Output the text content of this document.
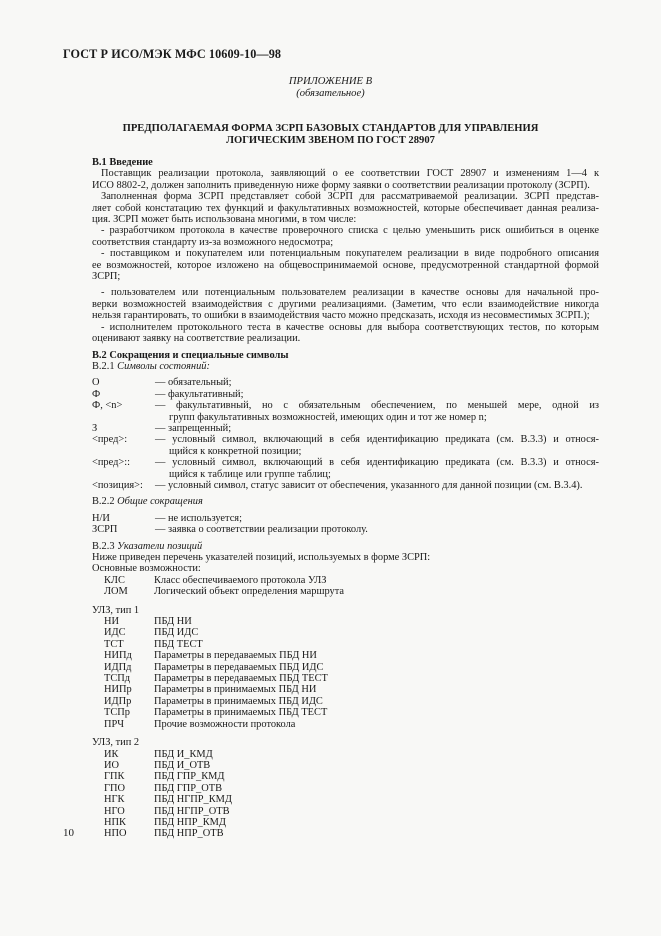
ГОСТ Р ИСО/МЭК МФС 10609-10—98
ПРИЛОЖЕНИЕ В
(обязательное)
ПРЕДПОЛАГАЕМАЯ ФОРМА ЗСРП БАЗОВЫХ СТАНДАРТОВ ДЛЯ УПРАВЛЕНИЯ
ЛОГИЧЕСКИМ ЗВЕНОМ ПО ГОСТ 28907
В.1 Введение
Поставщик реализации протокола, заявляющий о ее соответствии ГОСТ 28907 и изменениям 1—4 к
ИСО 8802-2, должен заполнить приведенную ниже форму заявки о соответствии реализации протоколу (ЗСРП).
Заполненная форма ЗСРП представляет собой ЗСРП для рассматриваемой реализации. ЗСРП представ-
ляет собой констатацию тех функций и факультативных возможностей, которые обеспечивает данная реализа-
ция. ЗСРП может быть использована многими, в том числе:
- разработчиком протокола в качестве проверочного списка с целью уменьшить риск ошибиться в оценке
соответствия стандарту из-за возможного недосмотра;
- поставщиком и покупателем или потенциальным покупателем реализации в виде подробного описания
ее возможностей, которое изложено на общевоспринимаемой основе, предусмотренной стандартной формой
ЗСРП;
- пользователем или потенциальным пользователем реализации в качестве основы для начальной про-
верки возможностей взаимодействия с другими реализациями. (Заметим, что если взаимодействие никогда
нельзя гарантировать, то ошибки в взаимодействия часто можно предсказать, исходя из несовместимых ЗСРП.);
- исполнителем протокольного теста в качестве основы для выбора соответствующих тестов, по которым
оценивают заявку на соответствие реализации.
В.2 Сокращения и специальные символы
В.2.1 Символы состояний:
О	— обязательный;
Ф	— факультативный;
Ф, <n>	— факультативный, но с обязательным обеспечением, по меньшей мере, одной из
групп факультативных возможностей, имеющих один и тот же номер n;
З	— запрещенный;
<пред>:	— условный символ, включающий в себя идентификацию предиката (см. В.3.3) и относя-
щийся к конкретной позиции;
<пред>::	— условный символ, включающий в себя идентификацию предиката (см. В.3.3) и относя-
щийся к таблице или группе таблиц;
<позиция>:	— условный символ, статус зависит от обеспечения, указанного для данной позиции (см. В.3.4).
В.2.2 Общие сокращения
Н/И	— не используется;
ЗСРП	— заявка о соответствии реализации протоколу.
В.2.3 Указатели позиций
Ниже приведен перечень указателей позиций, используемых в форме ЗСРП:
Основные возможности:
КЛС	Класс обеспечиваемого протокола УЛЗ
ЛОМ	Логический объект определения маршрута
УЛЗ, тип 1
НИ	ПБД НИ
ИДС	ПБД ИДС
ТСТ	ПБД ТЕСТ
НИПд	Параметры в передаваемых ПБД НИ
ИДПд	Параметры в передаваемых ПБД ИДС
ТСПд	Параметры в передаваемых ПБД ТЕСТ
НИПр	Параметры в принимаемых ПБД НИ
ИДПр	Параметры в принимаемых ПБД ИДС
ТСПр	Параметры в принимаемых ПБД ТЕСТ
ПРЧ	Прочие возможности протокола
УЛЗ, тип 2
ИК	ПБД И_КМД
ИО	ПБД И_ОТВ
ГПК	ПБД ГПР_КМД
ГПО	ПБД ГПР_ОТВ
НГК	ПБД НГПР_КМД
НГО	ПБД НГПР_ОТВ
НПК	ПБД НПР_КМД
НПО	ПБД НПР_ОТВ
10
